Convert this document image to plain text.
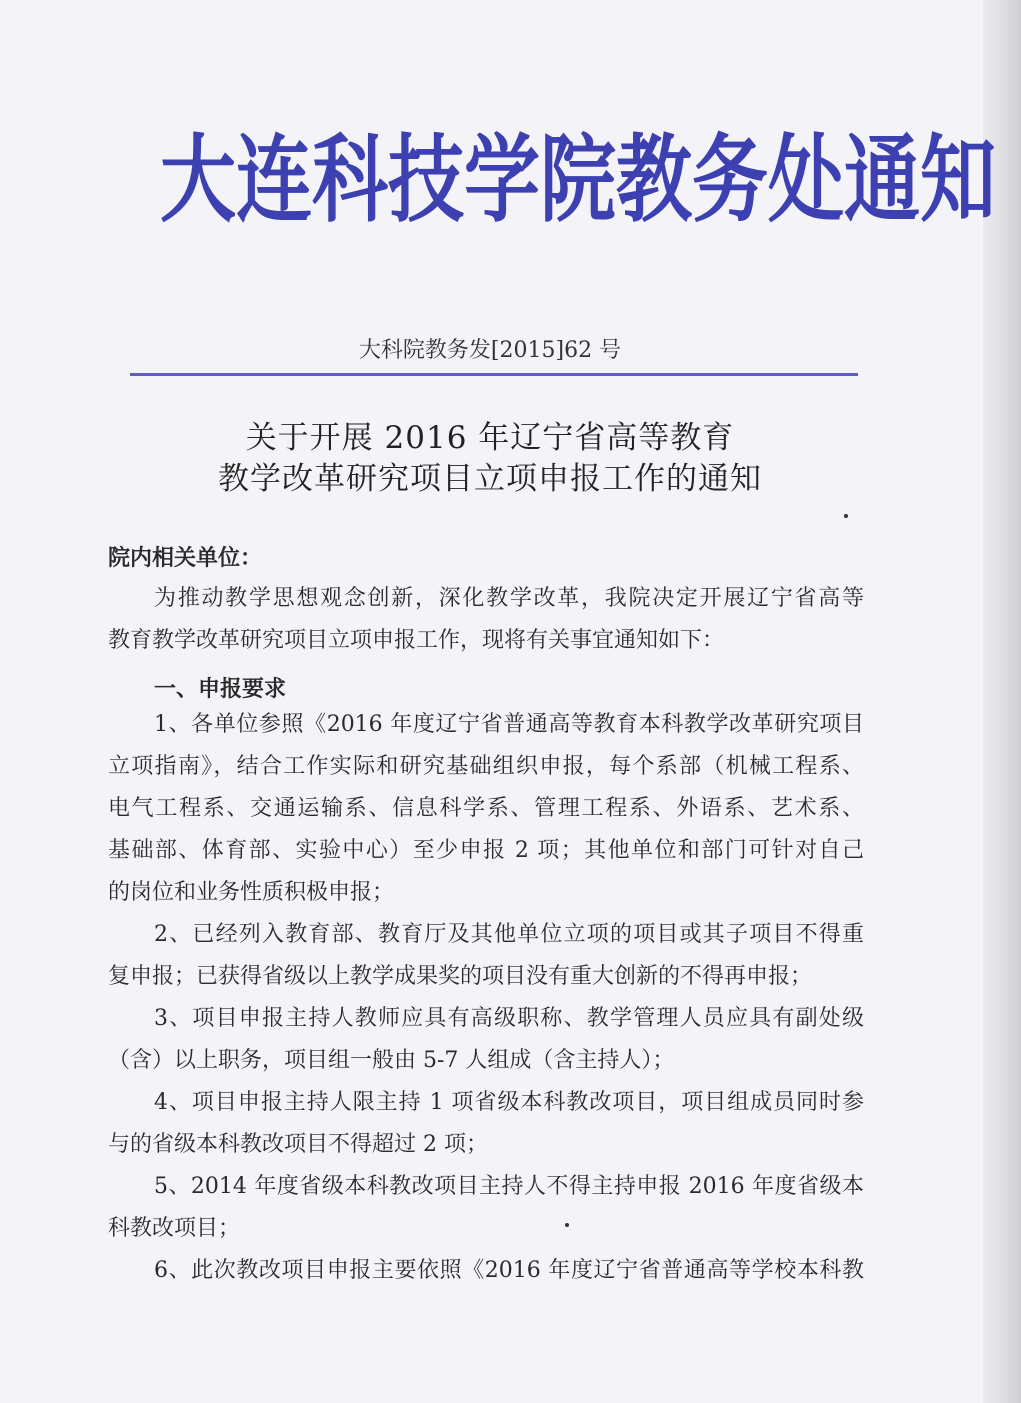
大 连 科 技 学 院 教 务 处 通 知
大科院教务发[2015]62 号
关于开展 2016 年辽宁省高等教育
教学改革研究项目立项申报工作的通知
院内相关单位：
为推动教学思想观念创新，深化教学改革，我院决定开展辽宁省高等
教育教学改革研究项目立项申报工作，现将有关事宜通知如下：
一、申报要求
1、各单位参照《2016 年度辽宁省普通高等教育本科教学改革研究项目
立项指南》，结合工作实际和研究基础组织申报，每个系部（机械工程系、
电气工程系、交通运输系、信息科学系、管理工程系、外语系、艺术系、
基础部、体育部、实验中心）至少申报 2 项；其他单位和部门可针对自己
的岗位和业务性质积极申报；
2、已经列入教育部、教育厅及其他单位立项的项目或其子项目不得重
复申报；已获得省级以上教学成果奖的项目没有重大创新的不得再申报；
3、项目申报主持人教师应具有高级职称、教学管理人员应具有副处级
（含）以上职务，项目组一般由 5-7 人组成（含主持人）；
4、项目申报主持人限主持 1 项省级本科教改项目，项目组成员同时参
与的省级本科教改项目不得超过 2 项；
5、2014 年度省级本科教改项目主持人不得主持申报 2016 年度省级本
科教改项目；
6、此次教改项目申报主要依照《2016 年度辽宁省普通高等学校本科教
